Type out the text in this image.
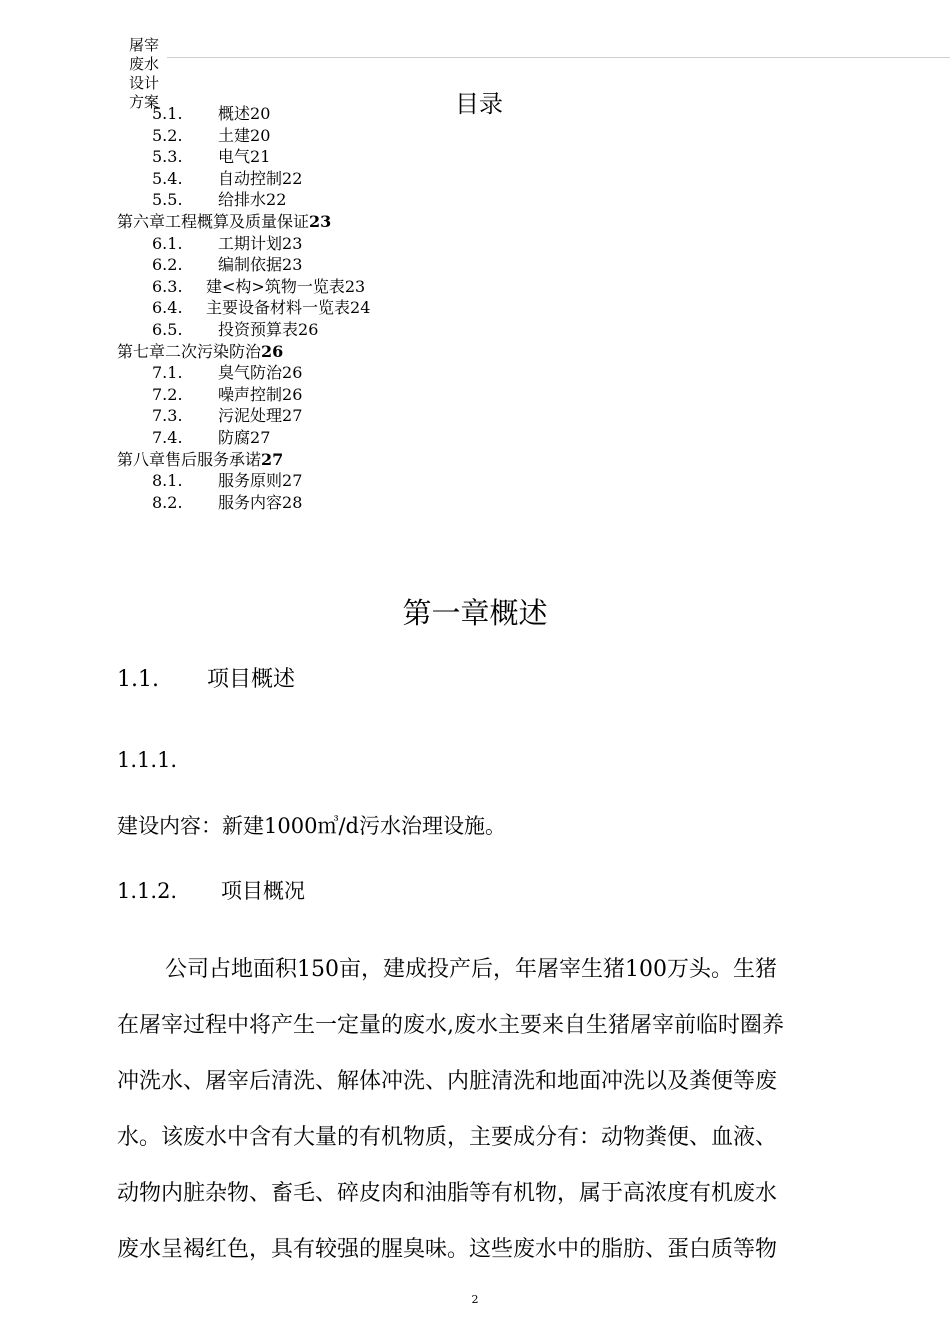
屠宰废水设计方案	目录
5.1. 概述20
5.2. 土建20
5.3. 电气21
5.4. 自动控制22
5.5. 给排水22
第六章工程概算及质量保证23
6.1. 工期计划23
6.2. 编制依据23
6.3. 建<构>筑物一览表23
6.4. 主要设备材料一览表24
6.5. 投资预算表26
第七章二次污染防治26
7.1. 臭气防治26
7.2. 噪声控制26
7.3. 污泥处理27
7.4. 防腐27
第八章售后服务承诺27
8.1. 服务原则27
8.2. 服务内容28
第一章概述
1.1. 项目概述
1.1.1.
建设内容：新建1000㎥/d污水治理设施。
1.1.2. 项目概况
公司占地面积150亩，建成投产后，年屠宰生猪100万头。生猪
在屠宰过程中将产生一定量的废水,废水主要来自生猪屠宰前临时圈养
冲洗水、屠宰后清洗、解体冲洗、内脏清洗和地面冲洗以及粪便等废
水。该废水中含有大量的有机物质，主要成分有：动物粪便、血液、
动物内脏杂物、畜毛、碎皮肉和油脂等有机物，属于高浓度有机废水
废水呈褐红色，具有较强的腥臭味。这些废水中的脂肪、蛋白质等物
2
